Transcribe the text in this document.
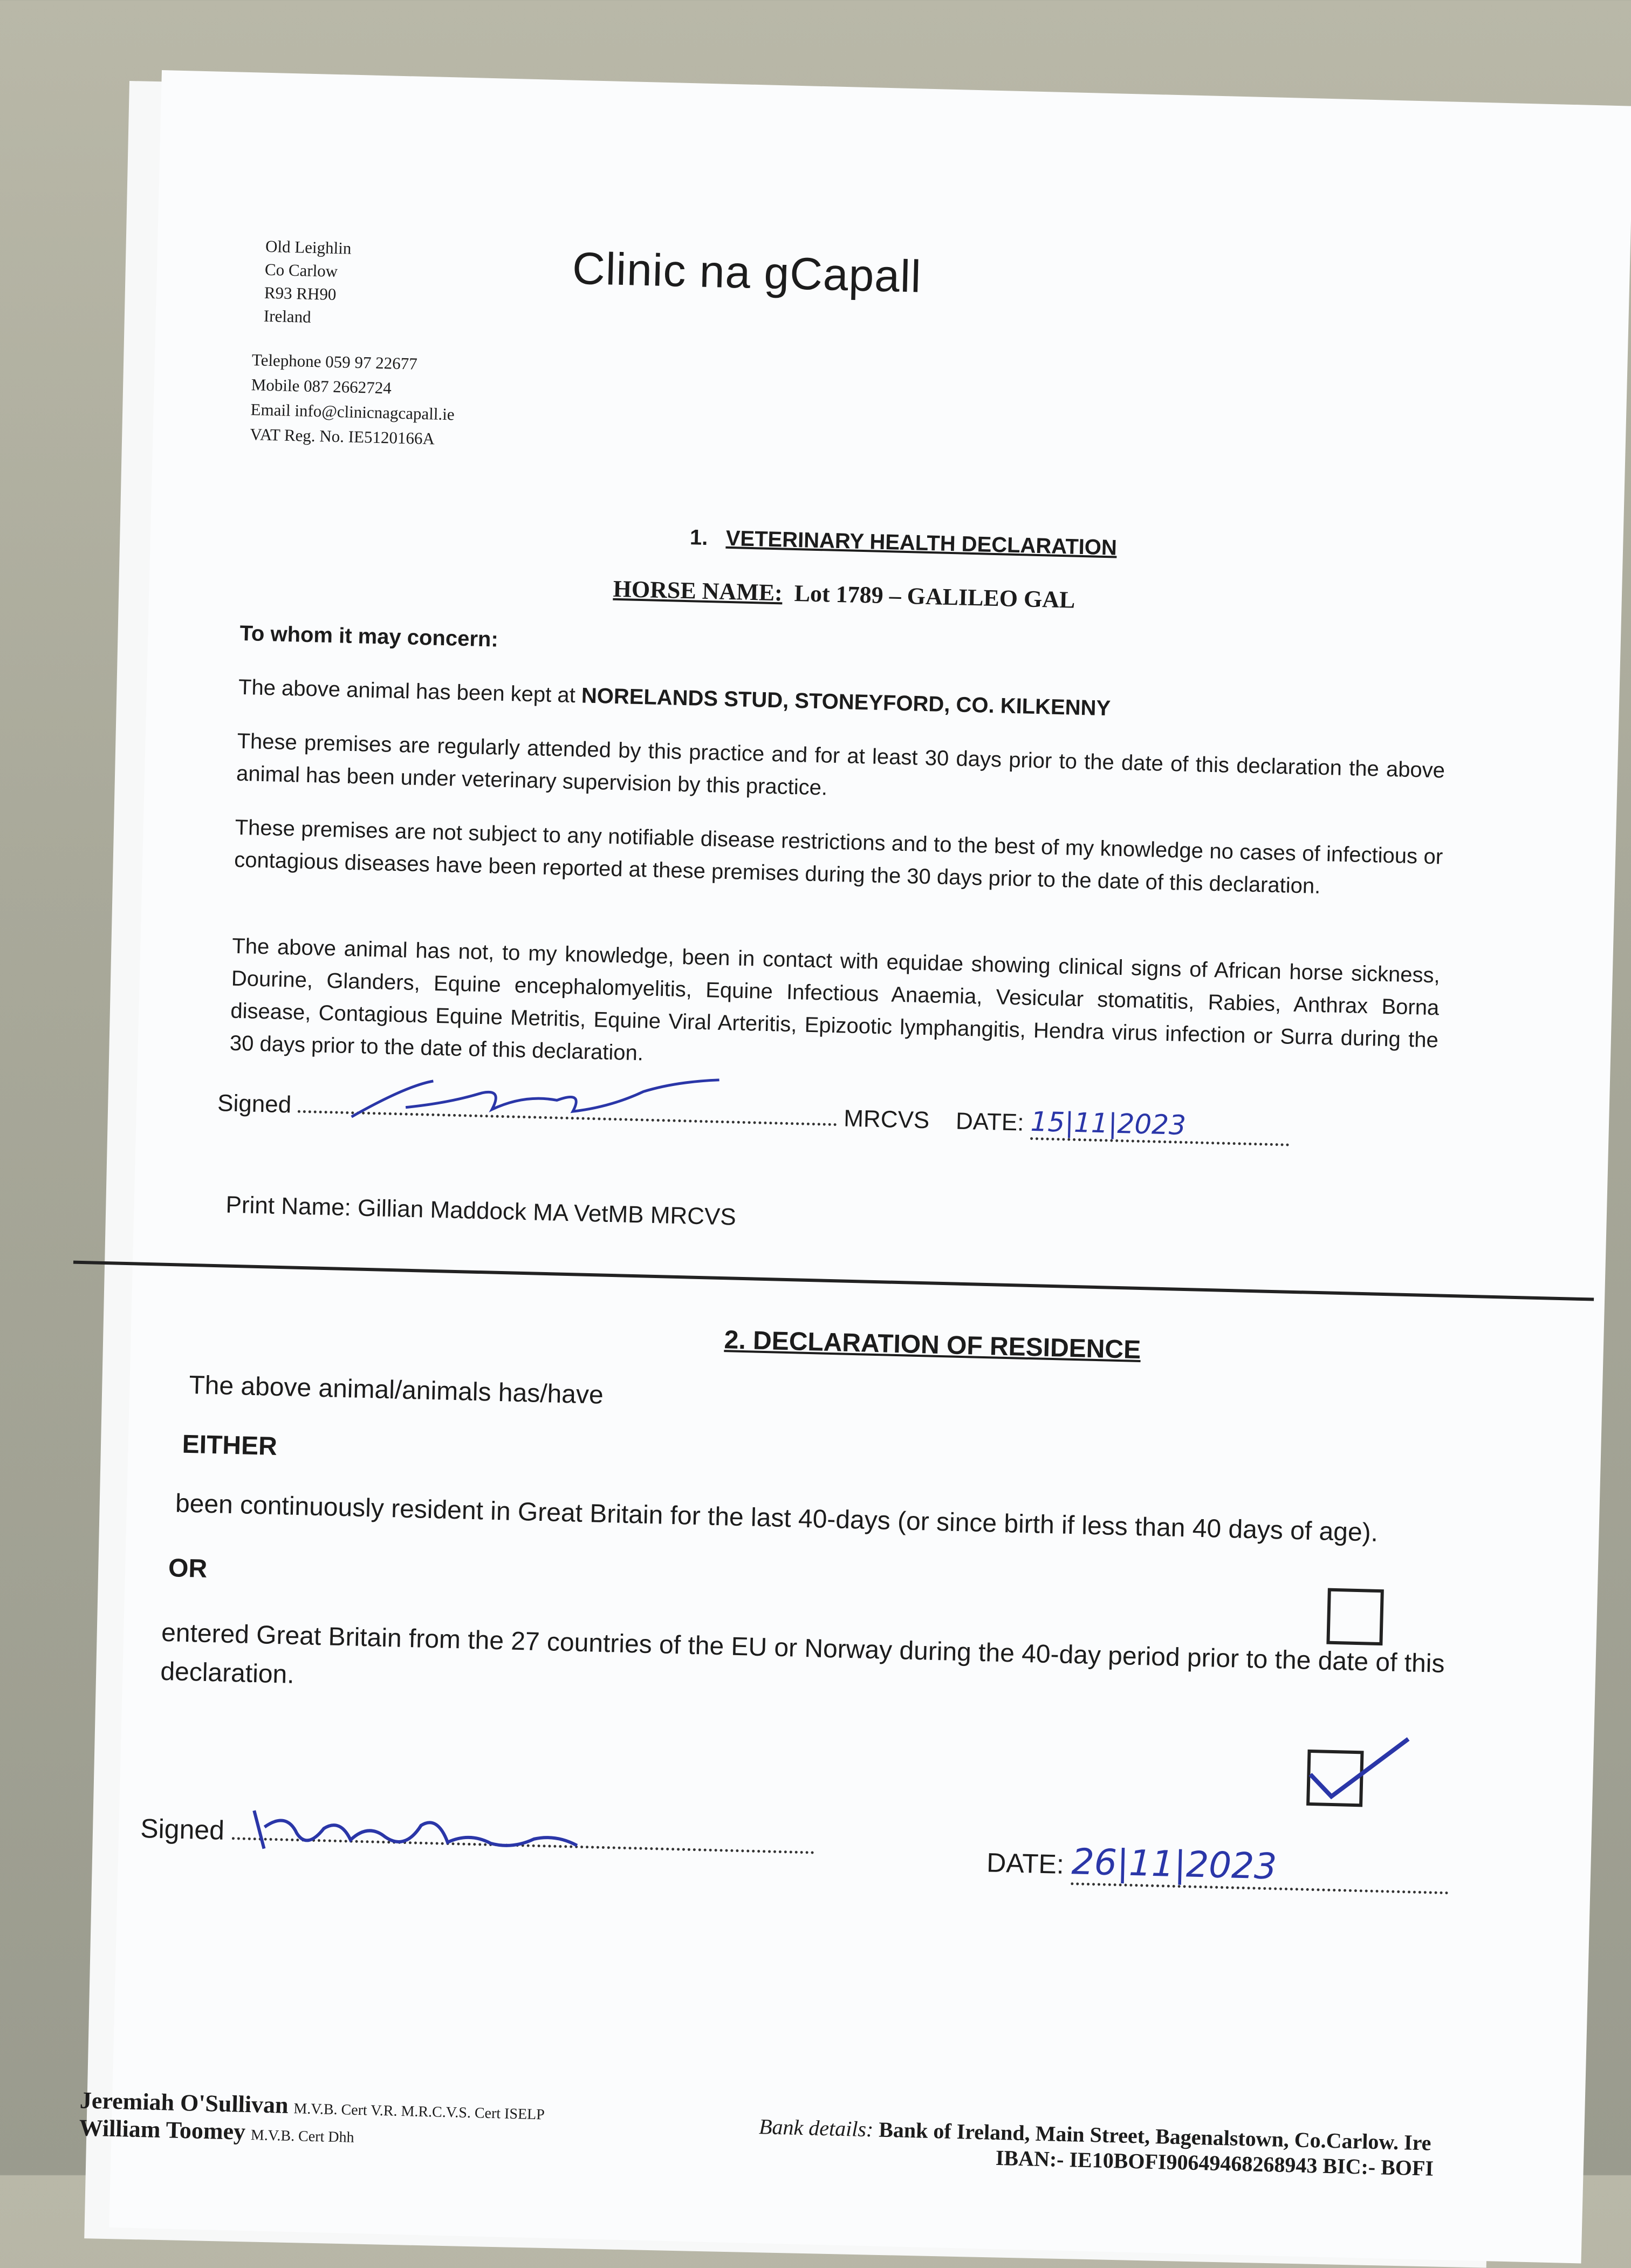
Old Leighlin
Co Carlow
R93 RH90
Ireland
Telephone 059 97 22677
Mobile 087 2662724
Email info@clinicnagcapall.ie
VAT Reg. No. IE5120166A
Clinic na gCapall
1. VETERINARY HEALTH DECLARATION
HORSE NAME: Lot 1789 – GALILEO GAL
To whom it may concern:
The above animal has been kept at NORELANDS STUD, STONEYFORD, CO. KILKENNY
These premises are regularly attended by this practice and for at least 30 days prior to the date of this declaration the above animal has been under veterinary supervision by this practice.
These premises are not subject to any notifiable disease restrictions and to the best of my knowledge no cases of infectious or contagious diseases have been reported at these premises during the 30 days prior to the date of this declaration.
The above animal has not, to my knowledge, been in contact with equidae showing clinical signs of African horse sickness, Dourine, Glanders, Equine encephalomyelitis, Equine Infectious Anaemia, Vesicular stomatitis, Rabies, Anthrax Borna disease, Contagious Equine Metritis, Equine Viral Arteritis, Epizootic lymphangitis, Hendra virus infection or Surra during the 30 days prior to the date of this declaration.
Signed
MRCVS DATE: 15|11|2023
Print Name: Gillian Maddock MA VetMB MRCVS
2. DECLARATION OF RESIDENCE
The above animal/animals has/have
EITHER
been continuously resident in Great Britain for the last 40-days (or since birth if less than 40 days of age).
OR
entered Great Britain from the 27 countries of the EU or Norway during the 40-day period prior to the date of this declaration.
Signed
DATE: 26|11|2023
Jeremiah O'Sullivan M.V.B. Cert V.R. M.R.C.V.S. Cert ISELP
William Toomey M.V.B. Cert Dhh	Bank details: Bank of Ireland, Main Street, Bagenalstown, Co.Carlow. Ire
IBAN:- IE10BOFI90649468268943 BIC:- BOFI
